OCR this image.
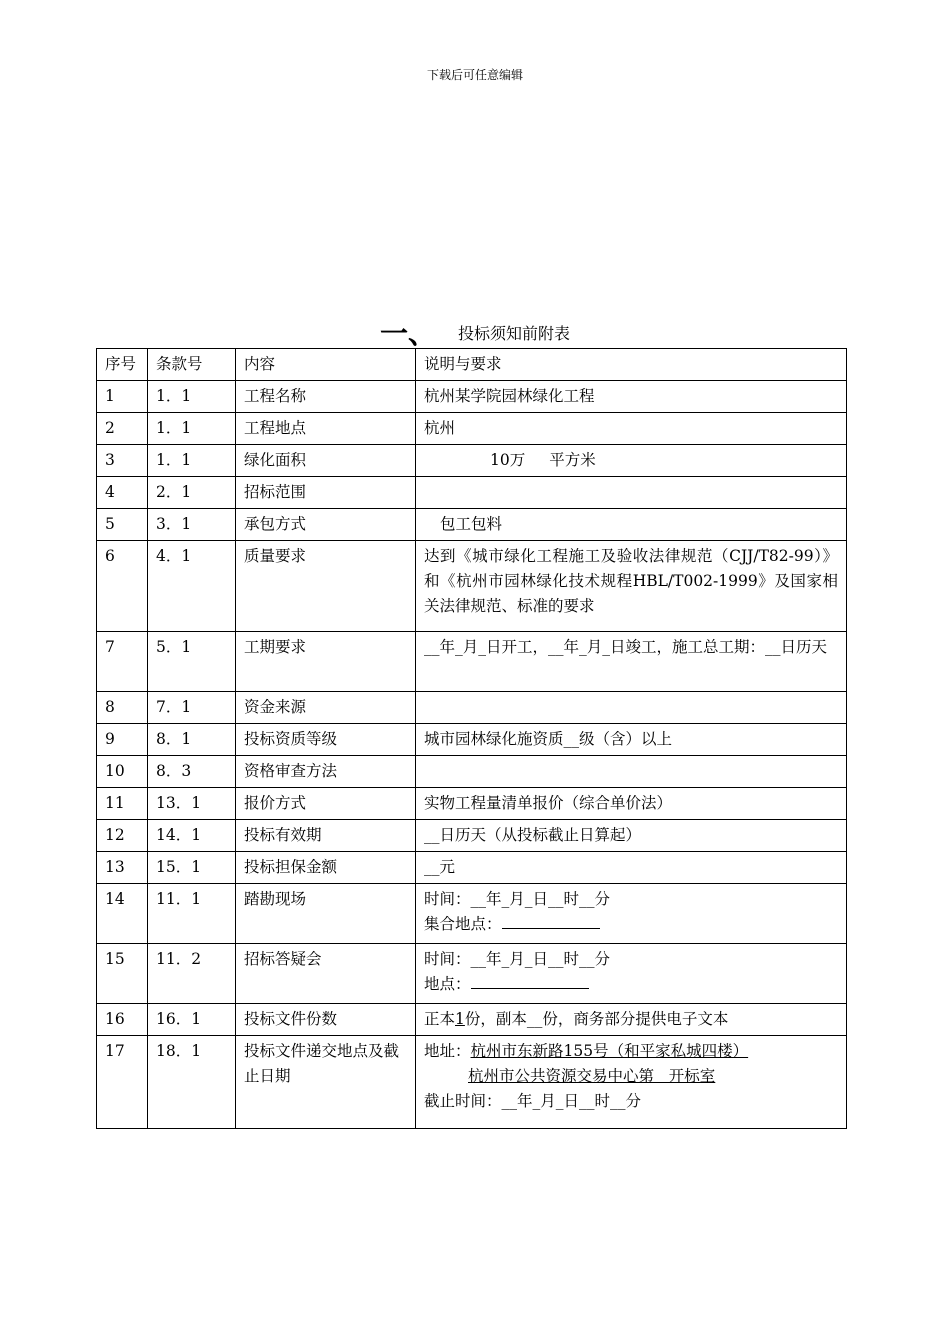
下载后可任意编辑
一、 投标须知前附表
序号	条款号	内容	说明与要求
1	1．1	工程名称	杭州某学院园林绿化工程
2	1．1	工程地点	杭州
3	1．1	绿化面积	10万 平方米
4	2．1	招标范围	
5	3．1	承包方式	包工包料
6	4．1	质量要求	达到《城市绿化工程施工及验收法律规范（CJJ/T82-99）》和《杭州市园林绿化技术规程HBL/T002-1999》及国家相关法律规范、标准的要求
7	5．1	工期要求	__年_月_日开工，__年_月_日竣工，施工总工期：__日历天
8	7．1	资金来源	
9	8．1	投标资质等级	城市园林绿化施资质__级（含）以上
10	8．3	资格审查方法	
11	13．1	报价方式	实物工程量清单报价（综合单价法）
12	14．1	投标有效期	__日历天（从投标截止日算起）
13	15．1	投标担保金额	__元
14	11．1	踏勘现场	时间：__年_月_日__时__分
集合地点：

15	11．2	招标答疑会	时间：__年_月_日__时__分
地点：

16	16．1	投标文件份数	正本1份，副本__份，商务部分提供电子文本
17	18．1	投标文件递交地点及截止日期	地址：杭州市东新路155号（和平家私城四楼）
杭州市公共资源交易中心第   开标室
截止时间：__年_月_日__时__分
